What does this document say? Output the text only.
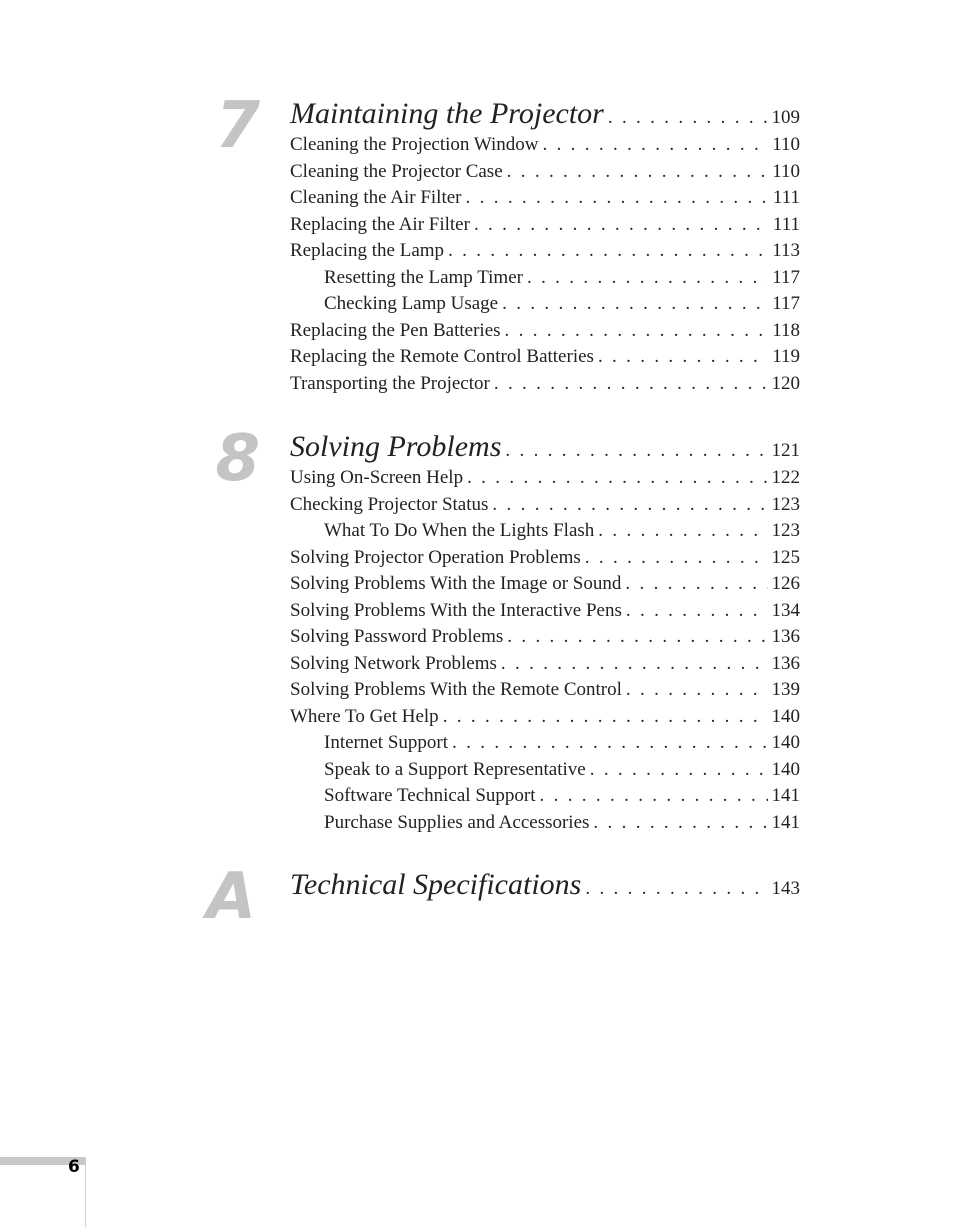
7 Maintaining the Projector . . .	109
Cleaning the Projection Window . . .	110
Cleaning the Projector Case . . .	110
Cleaning the Air Filter . . .	111
Replacing the Air Filter . . .	111
Replacing the Lamp . . .	113
Resetting the Lamp Timer . . .	117
Checking Lamp Usage . . .	117
Replacing the Pen Batteries . . .	118
Replacing the Remote Control Batteries . . .	119
Transporting the Projector . . .	120
8 Solving Problems . . .	121
Using On-Screen Help . . .	122
Checking Projector Status . . .	123
What To Do When the Lights Flash . . .	123
Solving Projector Operation Problems . . .	125
Solving Problems With the Image or Sound . . .	126
Solving Problems With the Interactive Pens . . .	134
Solving Password Problems . . .	136
Solving Network Problems . . .	136
Solving Problems With the Remote Control . . .	139
Where To Get Help . . .	140
Internet Support . . .	140
Speak to a Support Representative . . .	140
Software Technical Support . . .	141
Purchase Supplies and Accessories . . .	141
A Technical Specifications . . .	143
6
